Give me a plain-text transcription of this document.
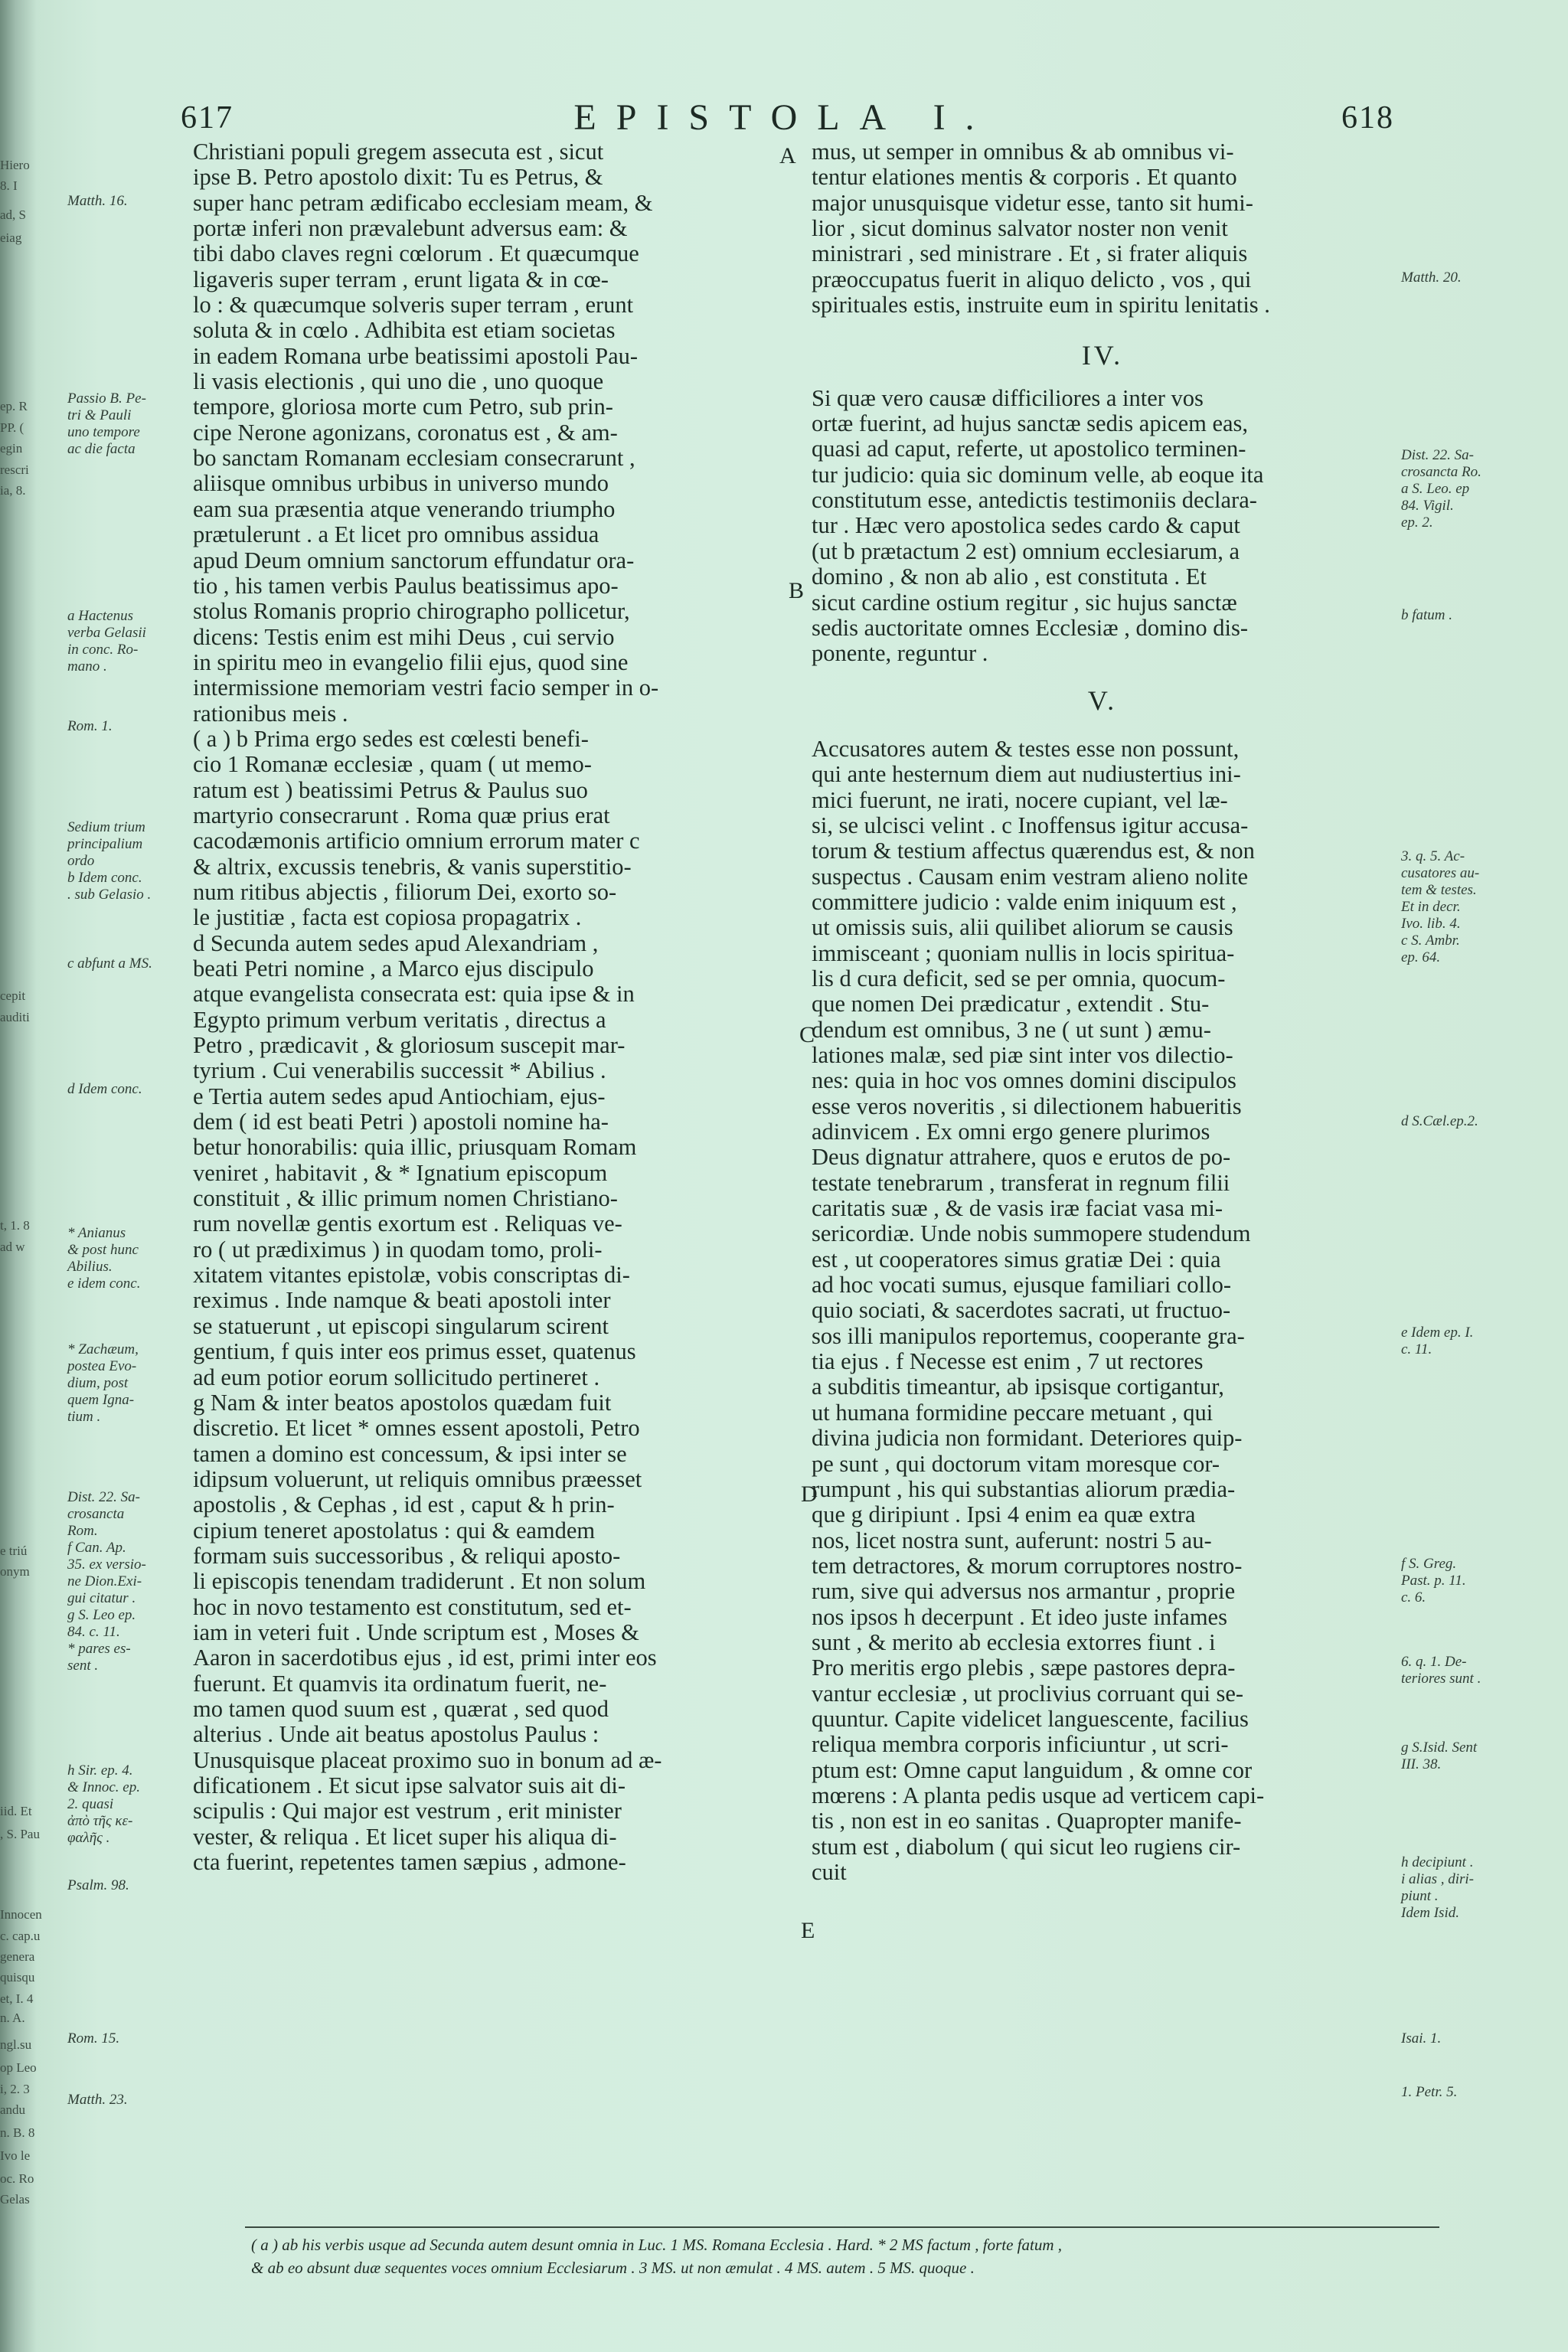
617	EPISTOLA I.	618
Hiero
8. I
ad, S
eiag
ep. R
PP. (
egin
rescri
ia, 8.
cepit
auditi
t, 1. 8
ad w
e triú
onym
iid. Et
, S. Pau
Innocen
c. cap.u
genera
quisqu
et, I. 4
n. A.
ngl.su
op Leo
i, 2. 3
andu
n. B. 8
Ivo le
oc. Ro
Gelas
Christiani populi gregem assecuta est , sicut
ipse B. Petro apostolo dixit: Tu es Petrus, &
super hanc petram ædificabo ecclesiam meam, &
portæ inferi non prævalebunt adversus eam: &
tibi dabo claves regni cœlorum . Et quæcumque
ligaveris super terram , erunt ligata & in cœ-
lo : & quæcumque solveris super terram , erunt
soluta & in cœlo . Adhibita est etiam societas
in eadem Romana urbe beatissimi apostoli Pau-
li vasis electionis , qui uno die , uno quoque
tempore, gloriosa morte cum Petro, sub prin-
cipe Nerone agonizans, coronatus est , & am-
bo sanctam Romanam ecclesiam consecrarunt ,
aliisque omnibus urbibus in universo mundo
eam sua præsentia atque venerando triumpho
prætulerunt . a Et licet pro omnibus assidua
apud Deum omnium sanctorum effundatur ora-
tio , his tamen verbis Paulus beatissimus apo-
stolus Romanis proprio chirographo pollicetur,
dicens: Testis enim est mihi Deus , cui servio
in spiritu meo in evangelio filii ejus, quod sine
intermissione memoriam vestri facio semper in o-
rationibus meis .
( a ) b Prima ergo sedes est cœlesti benefi-
cio 1 Romanæ ecclesiæ , quam ( ut memo-
ratum est ) beatissimi Petrus & Paulus suo
martyrio consecrarunt . Roma quæ prius erat
cacodæmonis artificio omnium errorum mater c
& altrix, excussis tenebris, & vanis superstitio-
num ritibus abjectis , filiorum Dei, exorto so-
le justitiæ , facta est copiosa propagatrix .
d Secunda autem sedes apud Alexandriam ,
beati Petri nomine , a Marco ejus discipulo
atque evangelista consecrata est: quia ipse & in
Egypto primum verbum veritatis , directus a
Petro , prædicavit , & gloriosum suscepit mar-
tyrium . Cui venerabilis successit * Abilius .
e Tertia autem sedes apud Antiochiam, ejus-
dem ( id est beati Petri ) apostoli nomine ha-
betur honorabilis: quia illic, priusquam Romam
veniret , habitavit , & * Ignatium episcopum
constituit , & illic primum nomen Christiano-
rum novellæ gentis exortum est . Reliquas ve-
ro ( ut prædiximus ) in quodam tomo, proli-
xitatem vitantes epistolæ, vobis conscriptas di-
reximus . Inde namque & beati apostoli inter
se statuerunt , ut episcopi singularum scirent
gentium, f quis inter eos primus esset, quatenus
ad eum potior eorum sollicitudo pertineret .
g Nam & inter beatos apostolos quædam fuit
discretio. Et licet * omnes essent apostoli, Petro
tamen a domino est concessum, & ipsi inter se
idipsum voluerunt, ut reliquis omnibus præesset
apostolis , & Cephas , id est , caput & h prin-
cipium teneret apostolatus : qui & eamdem
formam suis successoribus , & reliqui aposto-
li episcopis tenendam tradiderunt . Et non solum
hoc in novo testamento est constitutum, sed et-
iam in veteri fuit . Unde scriptum est , Moses &
Aaron in sacerdotibus ejus , id est, primi inter eos
fuerunt. Et quamvis ita ordinatum fuerit, ne-
mo tamen quod suum est , quærat , sed quod
alterius . Unde ait beatus apostolus Paulus :
Unusquisque placeat proximo suo in bonum ad æ-
dificationem . Et sicut ipse salvator suis ait di-
scipulis : Qui major est vestrum , erit minister
vester, & reliqua . Et licet super his aliqua di-
cta fuerint, repetentes tamen sæpius , admone-
mus, ut semper in omnibus & ab omnibus vi-
tentur elationes mentis & corporis . Et quanto
major unusquisque videtur esse, tanto sit humi-
lior , sicut dominus salvator noster non venit
ministrari , sed ministrare . Et , si frater aliquis
præoccupatus fuerit in aliquo delicto , vos , qui
spirituales estis, instruite eum in spiritu lenitatis .
IV.
Si quæ vero causæ difficiliores a inter vos
ortæ fuerint, ad hujus sanctæ sedis apicem eas,
quasi ad caput, referte, ut apostolico terminen-
tur judicio: quia sic dominum velle, ab eoque ita
constitutum esse, antedictis testimoniis declara-
tur . Hæc vero apostolica sedes cardo & caput
(ut b prætactum 2 est) omnium ecclesiarum, a
domino , & non ab alio , est constituta . Et
sicut cardine ostium regitur , sic hujus sanctæ
sedis auctoritate omnes Ecclesiæ , domino dis-
ponente, reguntur .
V.
Accusatores autem & testes esse non possunt,
qui ante hesternum diem aut nudiustertius ini-
mici fuerunt, ne irati, nocere cupiant, vel læ-
si, se ulcisci velint . c Inoffensus igitur accusa-
torum & testium affectus quærendus est, & non
suspectus . Causam enim vestram alieno nolite
committere judicio : valde enim iniquum est ,
ut omissis suis, alii quilibet aliorum se causis
immisceant ; quoniam nullis in locis spiritua-
lis d cura deficit, sed se per omnia, quocum-
que nomen Dei prædicatur , extendit . Stu-
dendum est omnibus, 3 ne ( ut sunt ) æmu-
lationes malæ, sed piæ sint inter vos dilectio-
nes: quia in hoc vos omnes domini discipulos
esse veros noveritis , si dilectionem habueritis
adinvicem . Ex omni ergo genere plurimos
Deus dignatur attrahere, quos e erutos de po-
testate tenebrarum , transferat in regnum filii
caritatis suæ , & de vasis iræ faciat vasa mi-
sericordiæ. Unde nobis summopere studendum
est , ut cooperatores simus gratiæ Dei : quia
ad hoc vocati sumus, ejusque familiari collo-
quio sociati, & sacerdotes sacrati, ut fructuo-
sos illi manipulos reportemus, cooperante gra-
tia ejus . f Necesse est enim , 7 ut rectores
a subditis timeantur, ab ipsisque cortigantur,
ut humana formidine peccare metuant , qui
divina judicia non formidant. Deteriores quip-
pe sunt , qui doctorum vitam moresque cor-
rumpunt , his qui substantias aliorum prædia-
que g diripiunt . Ipsi 4 enim ea quæ extra
nos, licet nostra sunt, auferunt: nostri 5 au-
tem detractores, & morum corruptores nostro-
rum, sive qui adversus nos armantur , proprie
nos ipsos h decerpunt . Et ideo juste infames
sunt , & merito ab ecclesia extorres fiunt . i
Pro meritis ergo plebis , sæpe pastores depra-
vantur ecclesiæ , ut proclivius corruant qui se-
quuntur. Capite videlicet languescente, facilius
reliqua membra corporis inficiuntur , ut scri-
ptum est: Omne caput languidum , & omne cor
mœrens : A planta pedis usque ad verticem capi-
tis , non est in eo sanitas . Quapropter manife-
stum est , diabolum ( qui sicut leo rugiens cir-
cuit
A
B
C
D
E
Matth. 16.
Passio B. Pe-
tri & Pauli
uno tempore
ac die facta
a Hactenus
verba Gelasii
in conc. Ro-
mano .
Rom. 1.
Sedium trium
principalium
ordo
b Idem conc.
. sub Gelasio .
c abfunt a MS.
d Idem conc.
* Anianus
& post hunc
Abilius.
e idem conc.
* Zachæum,
postea Evo-
dium, post
quem Igna-
tium .
Dist. 22. Sa-
crosancta
Rom.
f Can. Ap.
35. ex versio-
ne Dion.Exi-
gui citatur .
g S. Leo ep.
84. c. 11.
* pares es-
sent .
h Sir. ep. 4.
& Innoc. ep.
2. quasi
ἀπὸ τῆς κε-
φαλῆς .
Psalm. 98.
Rom. 15.
Matth. 23.
Matth. 20.
Dist. 22. Sa-
crosancta Ro.
a S. Leo. ep
84. Vigil.
ep. 2.
b fatum .
3. q. 5. Ac-
cusatores au-
tem & testes.
Et in decr.
Ivo. lib. 4.
c S. Ambr.
ep. 64.
d S.Cæl.ep.2.
e Idem ep. I.
c. 11.
f S. Greg.
Past. p. 11.
c. 6.
6. q. 1. De-
teriores sunt .
g S.Isid. Sent
III. 38.
h decipiunt .
i alias , diri-
piunt .
Idem Isid.
Isai. 1.
1. Petr. 5.
( a ) ab his verbis usque ad Secunda autem desunt omnia in Luc. 1 MS. Romana Ecclesia . Hard. * 2 MS factum , forte fatum ,
& ab eo absunt duæ sequentes voces omnium Ecclesiarum . 3 MS. ut non æmulat . 4 MS. autem . 5 MS. quoque .
